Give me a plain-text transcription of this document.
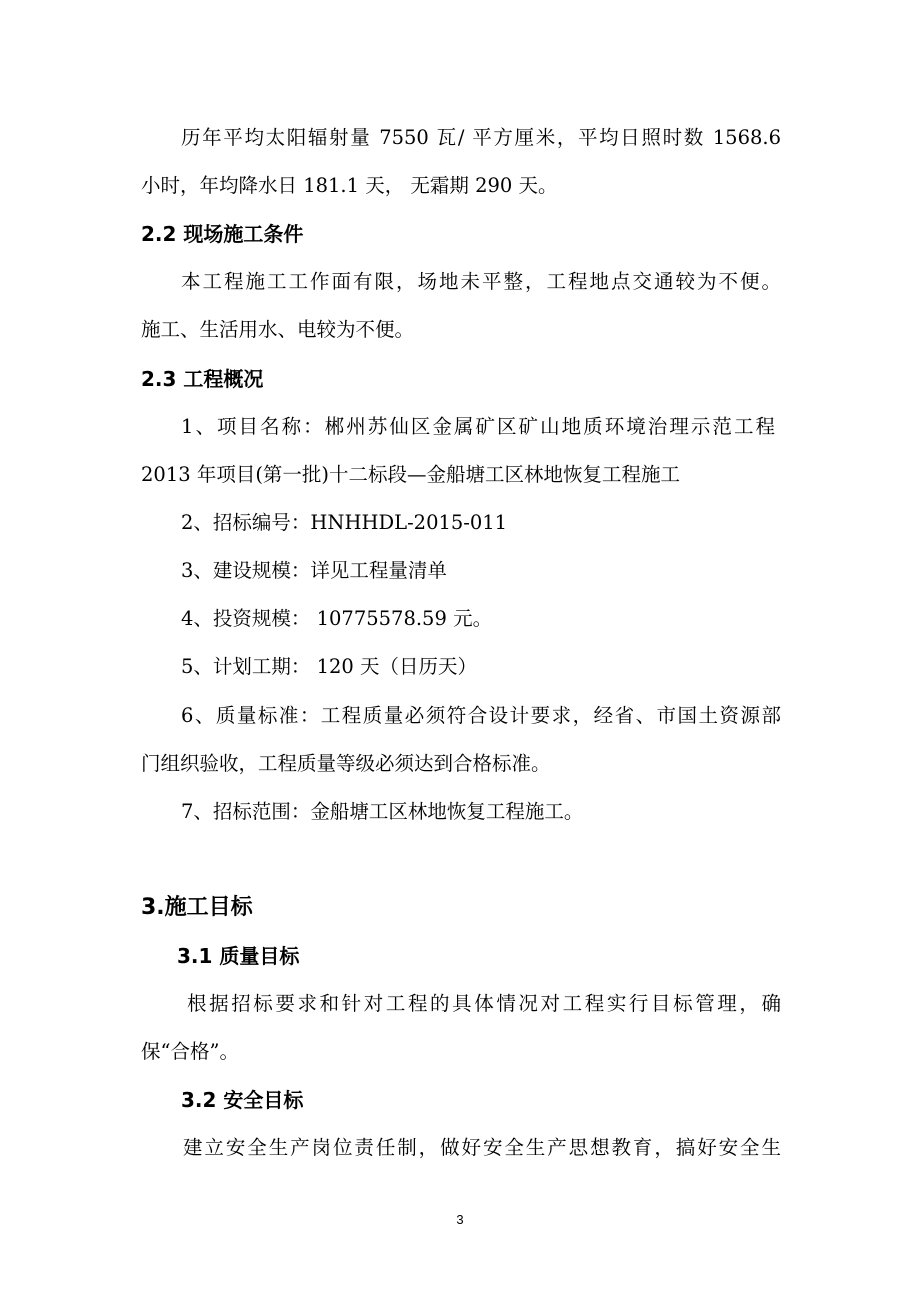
历年平均太阳辐射量 7550 瓦/ 平方厘米，平均日照时数 1568.6
小时，年均降水日 181.1 天， 无霜期 290 天。
2.2 现场施工条件
本工程施工工作面有限，场地未平整，工程地点交通较为不便。
施工、生活用水、电较为不便。
2.3 工程概况
1、项目名称：郴州苏仙区金属矿区矿山地质环境治理示范工程
2013 年项目(第一批)十二标段—金船塘工区林地恢复工程施工
2、招标编号：HNHHDL-2015-011
3、建设规模：详见工程量清单
4、投资规模： 10775578.59 元。
5、计划工期： 120 天（日历天）
6、质量标准：工程质量必须符合设计要求，经省、市国土资源部
门组织验收，工程质量等级必须达到合格标准。
7、招标范围：金船塘工区林地恢复工程施工。
3.施工目标
3.1 质量目标
根据招标要求和针对工程的具体情况对工程实行目标管理，确
保“合格”。
3.2 安全目标
建立安全生产岗位责任制，做好安全生产思想教育，搞好安全生
3
